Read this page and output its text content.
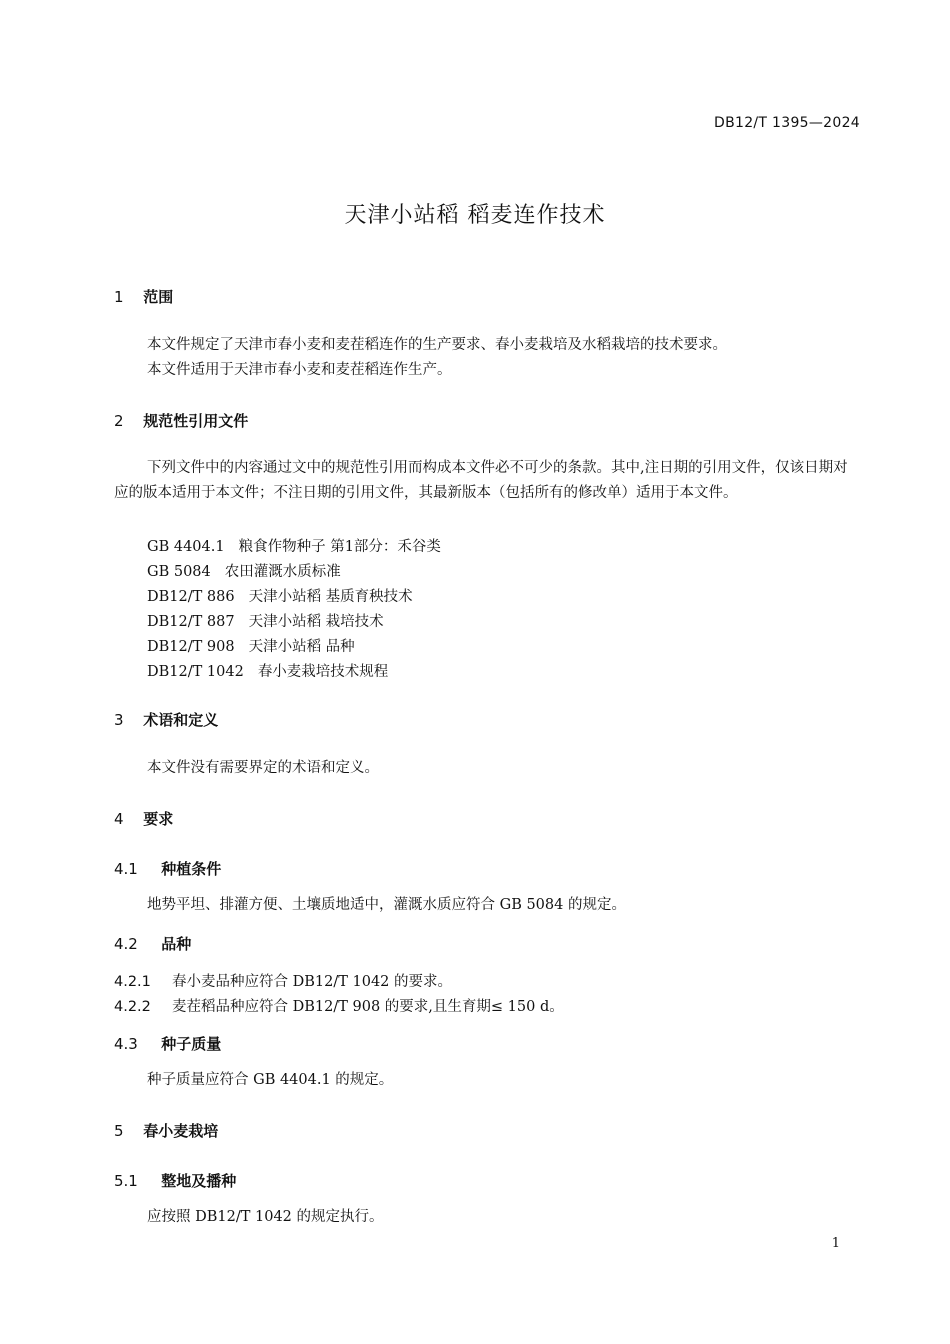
DB12/T 1395—2024
天津小站稻 稻麦连作技术
1 范围
本文件规定了天津市春小麦和麦茬稻连作的生产要求、春小麦栽培及水稻栽培的技术要求。
本文件适用于天津市春小麦和麦茬稻连作生产。
2 规范性引用文件
下列文件中的内容通过文中的规范性引用而构成本文件必不可少的条款。其中,注日期的引用文件，仅该日期对应的版本适用于本文件；不注日期的引用文件，其最新版本（包括所有的修改单）适用于本文件。
GB 4404.1 粮食作物种子 第1部分：禾谷类
GB 5084 农田灌溉水质标准
DB12/T 886 天津小站稻 基质育秧技术
DB12/T 887 天津小站稻 栽培技术
DB12/T 908 天津小站稻 品种
DB12/T 1042 春小麦栽培技术规程
3 术语和定义
本文件没有需要界定的术语和定义。
4 要求
4.1 种植条件
地势平坦、排灌方便、土壤质地适中，灌溉水质应符合 GB 5084 的规定。
4.2 品种
4.2.1 春小麦品种应符合 DB12/T 1042 的要求。
4.2.2 麦茬稻品种应符合 DB12/T 908 的要求,且生育期≤ 150 d。
4.3 种子质量
种子质量应符合 GB 4404.1 的规定。
5 春小麦栽培
5.1 整地及播种
应按照 DB12/T 1042 的规定执行。
1
